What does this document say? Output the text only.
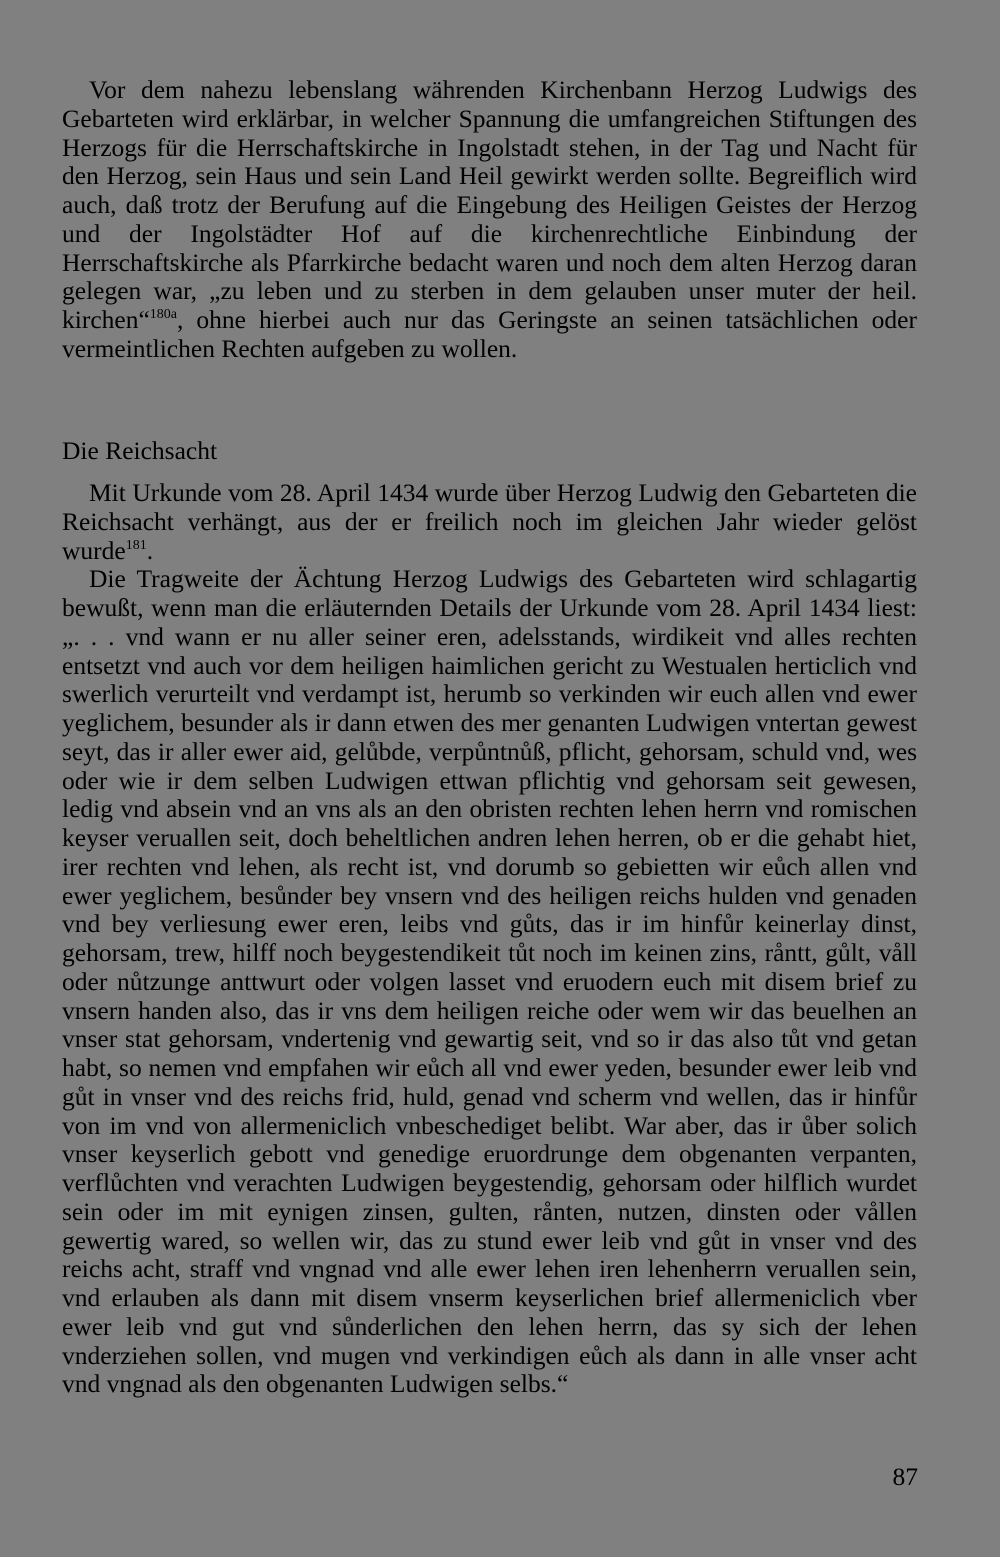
Vor dem nahezu lebenslang währenden Kirchenbann Herzog Ludwigs des Gebarteten wird erklärbar, in welcher Spannung die umfangreichen Stiftungen des Herzogs für die Herrschaftskirche in Ingolstadt stehen, in der Tag und Nacht für den Herzog, sein Haus und sein Land Heil gewirkt werden sollte. Begreiflich wird auch, daß trotz der Berufung auf die Eingebung des Heiligen Geistes der Herzog und der Ingolstädter Hof auf die kirchenrechtliche Einbindung der Herrschaftskirche als Pfarrkirche bedacht waren und noch dem alten Herzog daran gelegen war, „zu leben und zu sterben in dem gelauben unser muter der heil. kirchen“$^{180a}$, ohne hierbei auch nur das Geringste an seinen tatsächlichen oder vermeintlichen Rechten aufgeben zu wollen.

Die Reichsacht

Mit Urkunde vom 28. April 1434 wurde über Herzog Ludwig den Gebarteten die Reichsacht verhängt, aus der er freilich noch im gleichen Jahr wieder gelöst wurde$^{181}$.

Die Tragweite der Ächtung Herzog Ludwigs des Gebarteten wird schlagartig bewußt, wenn man die erläuternden Details der Urkunde vom 28. April 1434 liest: „. . . vnd wann er nu aller seiner eren, adelsstands, wirdikeit vnd alles rechten entsetzt vnd auch vor dem heiligen haimlichen gericht zu Westualen herticlich vnd swerlich verurteilt vnd verdampt ist, herumb so verkinden wir euch allen vnd ewer yeglichem, besunder als ir dann etwen des mer genanten Ludwigen vntertan gewest seyt, das ir aller ewer aid, gelůbde, verpůntnůß, pflicht, gehorsam, schuld vnd, wes oder wie ir dem selben Ludwigen ettwan pflichtig vnd gehorsam seit gewesen, ledig vnd absein vnd an vns als an den obristen rechten lehen herrn vnd romischen keyser veruallen seit, doch beheltlichen andren lehen herren, ob er die gehabt hiet, irer rechten vnd lehen, als recht ist, vnd dorumb so gebietten wir eůch allen vnd ewer yeglichem, besůnder bey vnsern vnd des heiligen reichs hulden vnd genaden vnd bey verliesung ewer eren, leibs vnd gůts, das ir im hinfůr keinerlay dinst, gehorsam, trew, hilff noch beygestendikeit tůt noch im keinen zins, råntt, gůlt, våll oder nůtzunge anttwurt oder volgen lasset vnd eruodern euch mit disem brief zu vnsern handen also, das ir vns dem heiligen reiche oder wem wir das beuelhen an vnser stat gehorsam, vndertenig vnd gewartig seit, vnd so ir das also tůt vnd getan habt, so nemen vnd empfahen wir eůch all vnd ewer yeden, besunder ewer leib vnd gůt in vnser vnd des reichs frid, huld, genad vnd scherm vnd wellen, das ir hinfůr von im vnd von allermeniclich vnbeschediget belibt. War aber, das ir ůber solich vnser keyserlich gebott vnd genedige eruordrunge dem obgenanten verpanten, verflůchten vnd verachten Ludwigen beygestendig, gehorsam oder hilflich wurdet sein oder im mit eynigen zinsen, gulten, rånten, nutzen, dinsten oder vållen gewertig wared, so wellen wir, das zu stund ewer leib vnd gůt in vnser vnd des reichs acht, straff vnd vngnad vnd alle ewer lehen iren lehenherrn veruallen sein, vnd erlauben als dann mit disem vnserm keyserlichen brief allermeniclich vber ewer leib vnd gut vnd sůnderlichen den lehen herrn, das sy sich der lehen vnderziehen sollen, vnd mugen vnd verkindigen eůch als dann in alle vnser acht vnd vngnad als den obgenanten Ludwigen selbs.“

87
